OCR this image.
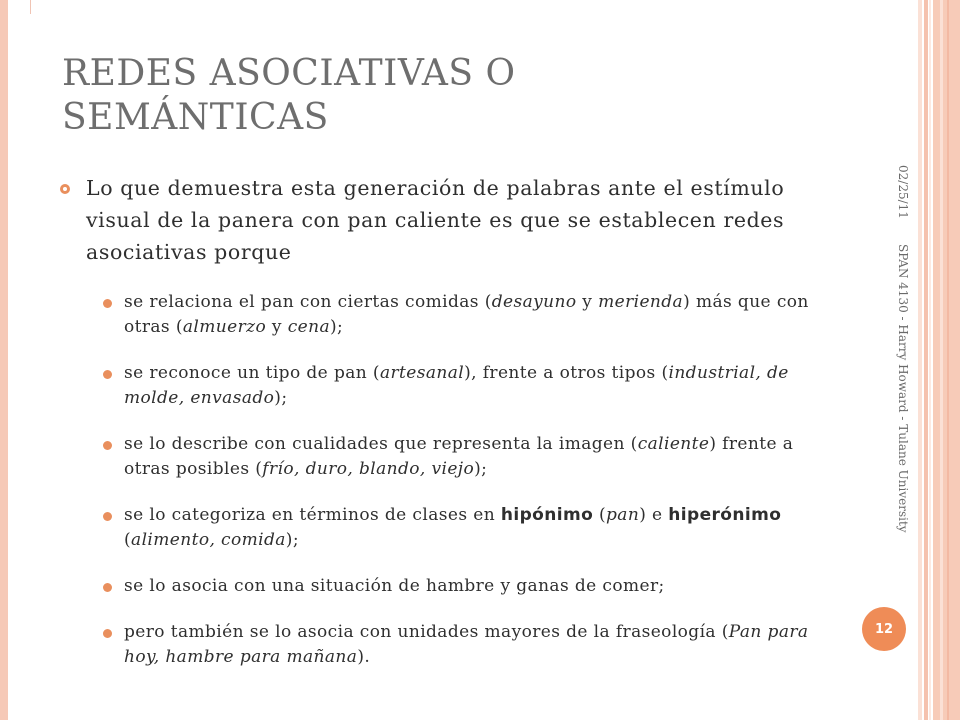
REDES ASOCIATIVAS O
SEMÁNTICAS
Lo que demuestra esta generación de palabras ante el estímulo visual de la panera con pan caliente es que se establecen redes asociativas porque
se relaciona el pan con ciertas comidas (desayuno y merienda) más que con otras (almuerzo y cena);
se reconoce un tipo de pan (artesanal), frente a otros tipos (industrial, de molde, envasado);
se lo describe con cualidades que representa la imagen (caliente) frente a otras posibles (frío, duro, blando, viejo);
se lo categoriza en términos de clases en hipónimo (pan) e hiperónimo (alimento, comida);
se lo asocia con una situación de hambre y ganas de comer;
pero también se lo asocia con unidades mayores de la fraseología (Pan para hoy, hambre para mañana).
02/25/11
SPAN 4130 - Harry Howard - Tulane University
12
